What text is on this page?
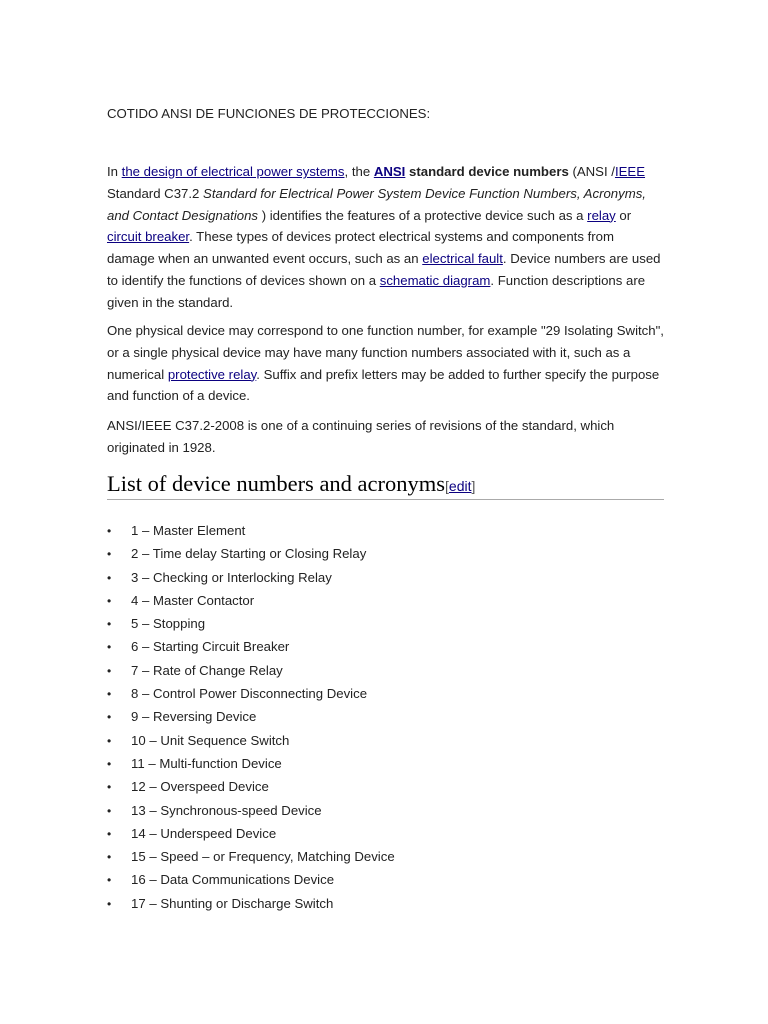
COTIDO ANSI DE FUNCIONES DE PROTECCIONES:

In the design of electrical power systems, the ANSI standard device numbers (ANSI /IEEE Standard C37.2 Standard for Electrical Power System Device Function Numbers, Acronyms, and Contact Designations ) identifies the features of a protective device such as a relay or circuit breaker. These types of devices protect electrical systems and components from damage when an unwanted event occurs, such as an electrical fault. Device numbers are used to identify the functions of devices shown on a schematic diagram. Function descriptions are given in the standard.

One physical device may correspond to one function number, for example "29 Isolating Switch", or a single physical device may have many function numbers associated with it, such as a numerical protective relay. Suffix and prefix letters may be added to further specify the purpose and function of a device.

ANSI/IEEE C37.2-2008 is one of a continuing series of revisions of the standard, which originated in 1928.

List of device numbers and acronyms[edit]
• 1 – Master Element
• 2 – Time delay Starting or Closing Relay
• 3 – Checking or Interlocking Relay
• 4 – Master Contactor
• 5 – Stopping
• 6 – Starting Circuit Breaker
• 7 – Rate of Change Relay
• 8 – Control Power Disconnecting Device
• 9 – Reversing Device
• 10 – Unit Sequence Switch
• 11 – Multi-function Device
• 12 – Overspeed Device
• 13 – Synchronous-speed Device
• 14 – Underspeed Device
• 15 – Speed – or Frequency, Matching Device
• 16 – Data Communications Device
• 17 – Shunting or Discharge Switch
